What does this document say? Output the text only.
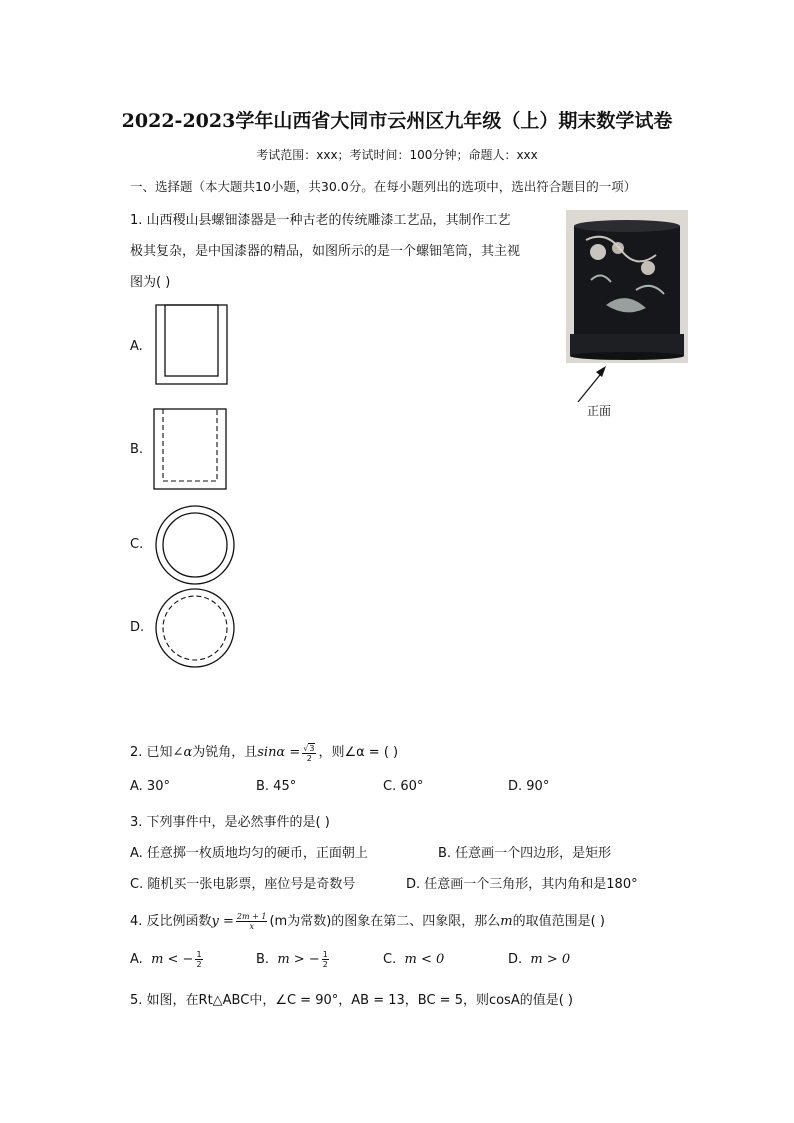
2022-2023学年山西省大同市云州区九年级（上）期末数学试卷
考试范围：xxx；考试时间：100分钟；命题人：xxx
一、选择题（本大题共10小题，共30.0分。在每小题列出的选项中，选出符合题目的一项）
1. 山西稷山县螺钿漆器是一种古老的传统雕漆工艺品，其制作工艺
极其复杂，是中国漆器的精品，如图所示的是一个螺钿笔筒，其主视
图为( )
正面
A.
B.
C.
D.
2. 已知∠α为锐角，且$\sin\alpha = \frac{√3}{2}$ ，则∠α = ( )
A. 30°	B. 45°	C. 60°	D. 90°
3. 下列事件中，是必然事件的是( )
A. 任意掷一枚质地均匀的硬币，正面朝上	B. 任意画一个四边形，是矩形
C. 随机买一张电影票，座位号是奇数号	D. 任意画一个三角形，其内角和是180°
4. 反比例函数$y = \frac{2m + 1}{x} (m$为常数)的图象在第二、四象限，那么m的取值范围是( )
A. m < − $\frac{1}{2}$	B. m > − $\frac{1}{2}$	C. m < 0	D. m > 0
5. 如图，在Rt△ABC中，∠C = 90°，AB = 13，BC = 5，则cosA的值是( )
